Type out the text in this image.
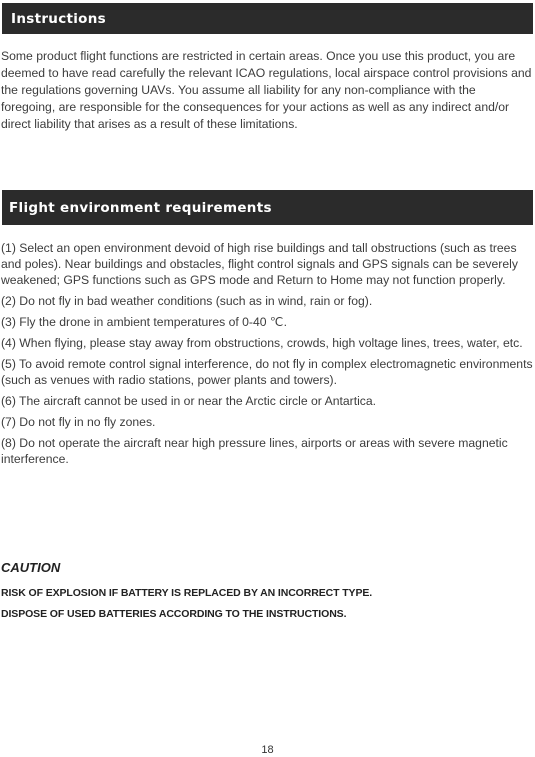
Instructions

Some product flight functions are restricted in certain areas. Once you use this product, you are deemed to have read carefully the relevant ICAO regulations, local airspace control provisions and the regulations governing UAVs. You assume all liability for any non-compliance with the foregoing, are responsible for the consequences for your actions as well as any indirect and/or direct liability that arises as a result of these limitations.

Flight environment requirements
(1) Select an open environment devoid of high rise buildings and tall obstructions (such as trees and poles). Near buildings and obstacles, flight control signals and GPS signals can be severely weakened; GPS functions such as GPS mode and Return to Home may not function properly.
(2) Do not fly in bad weather conditions (such as in wind, rain or fog).
(3) Fly the drone in ambient temperatures of 0-40 ℃.
(4) When flying, please stay away from obstructions, crowds, high voltage lines, trees, water, etc.
(5) To avoid remote control signal interference, do not fly in complex electromagnetic environments (such as venues with radio stations, power plants and towers).
(6) The aircraft cannot be used in or near the Arctic circle or Antartica.
(7) Do not fly in no fly zones.
(8) Do not operate the aircraft near high pressure lines, airports or areas with severe magnetic interference.
CAUTION
RISK OF EXPLOSION IF BATTERY IS REPLACED BY AN INCORRECT TYPE.
DISPOSE OF USED BATTERIES ACCORDING TO THE INSTRUCTIONS.
18
